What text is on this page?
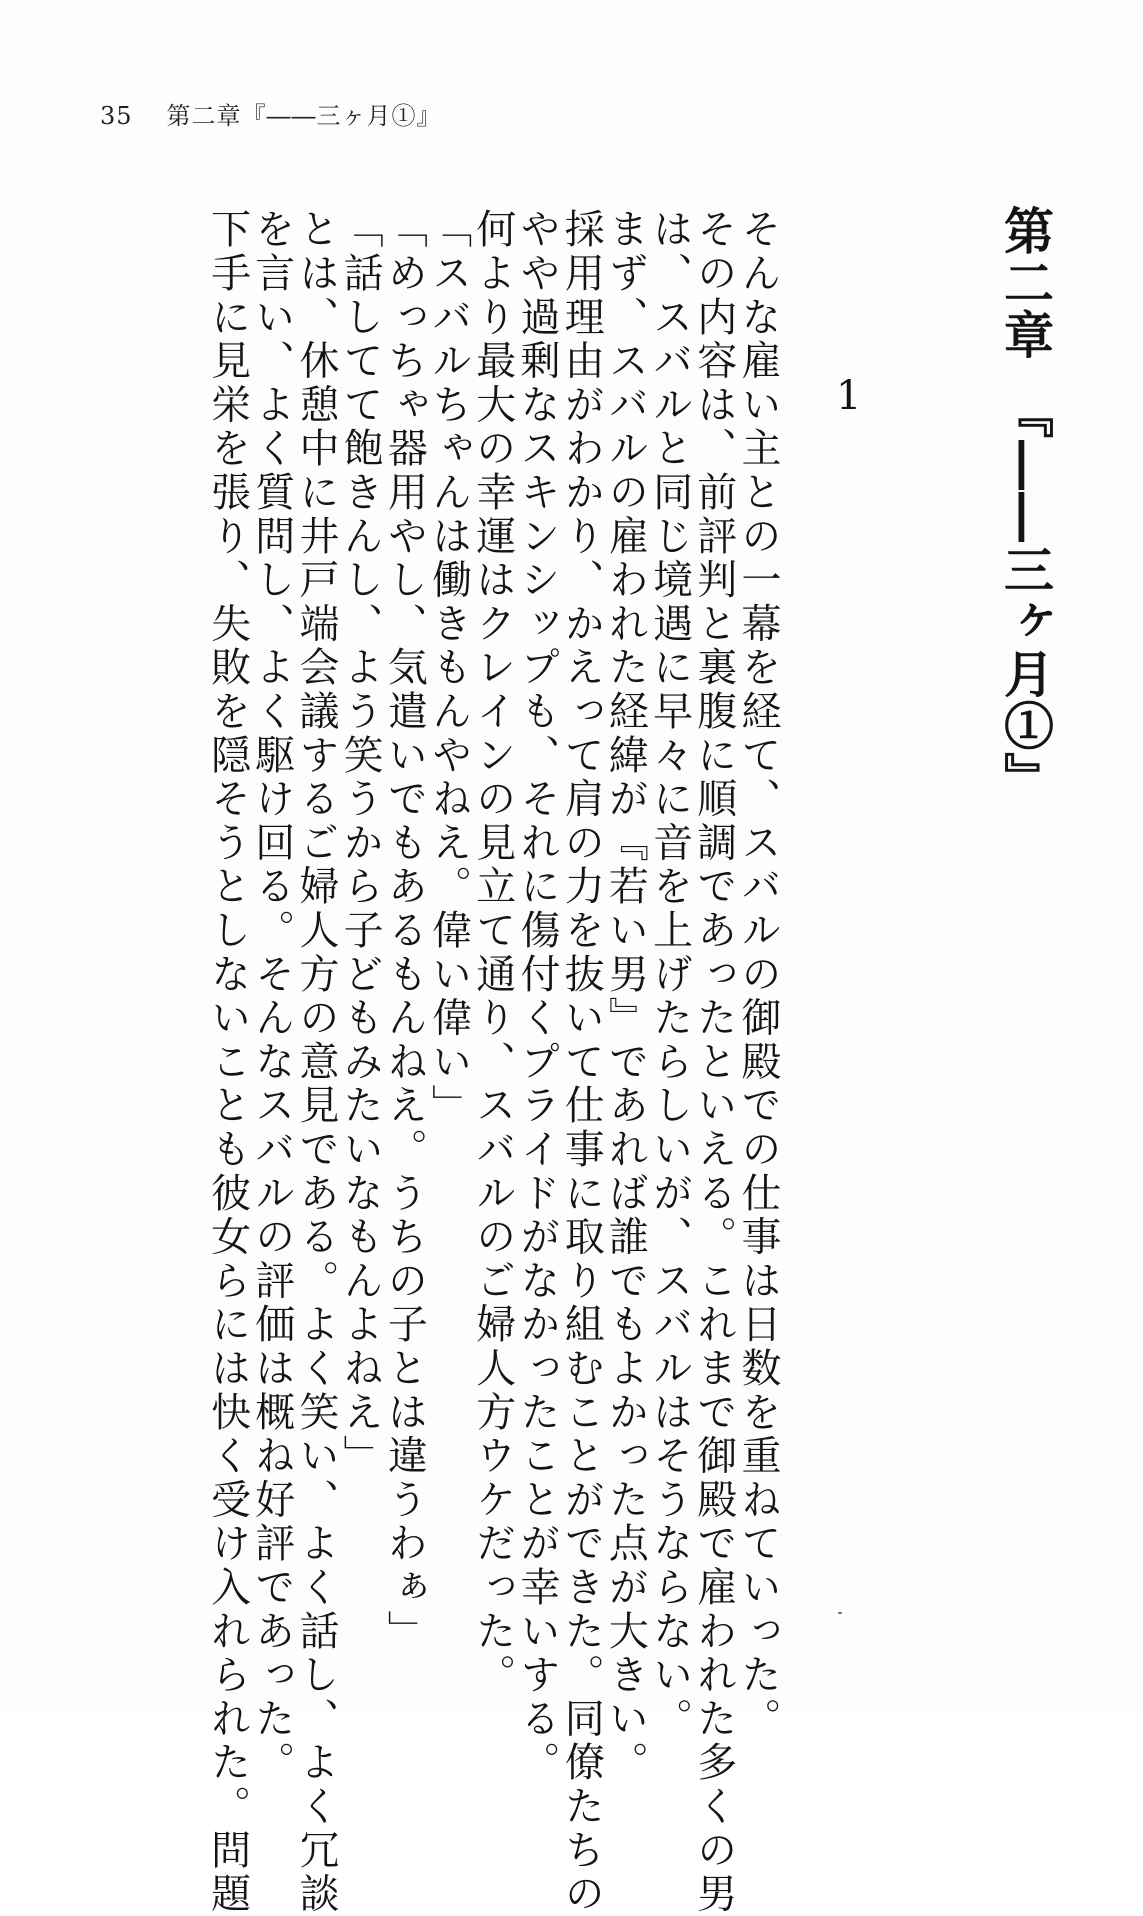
35 第二章『――三ヶ月①』
第二章　『――三ヶ月①』
1

そんな雇い主との一幕を経て、スバルの御殿での仕事は日数を重ねていった。

その内容は、前評判と裏腹に順調であったといえる。これまで御殿で雇われた多くの男

は、スバルと同じ境遇に早々に音を上げたらしいが、スバルはそうならない。

まず、スバルの雇われた経緯が『若い男』であれば誰でもよかった点が大きい。

採用理由がわかり、かえって肩の力を抜いて仕事に取り組むことができた。同僚たちの

やや過剰なスキンシップも、それに傷付くプライドがなかったことが幸いする。

何より最大の幸運はクレインの見立て通り、スバルのご婦人方ウケだった。

「スバルちゃんは働きもんやねえ。偉い偉い」

「めっちゃ器用やし、気遣いでもあるもんねえ。うちの子とは違うわぁ」

「話してて飽きんし、よう笑うから子どもみたいなもんよねえ」

とは、休憩中に井戸端会議するご婦人方の意見である。よく笑い、よく話し、よく冗談

を言い、よく質問し、よく駆け回る。そんなスバルの評価は概ね好評であった。

下手に見栄を張り、失敗を隠そうとしないことも彼女らには快く受け入れられた。問題
